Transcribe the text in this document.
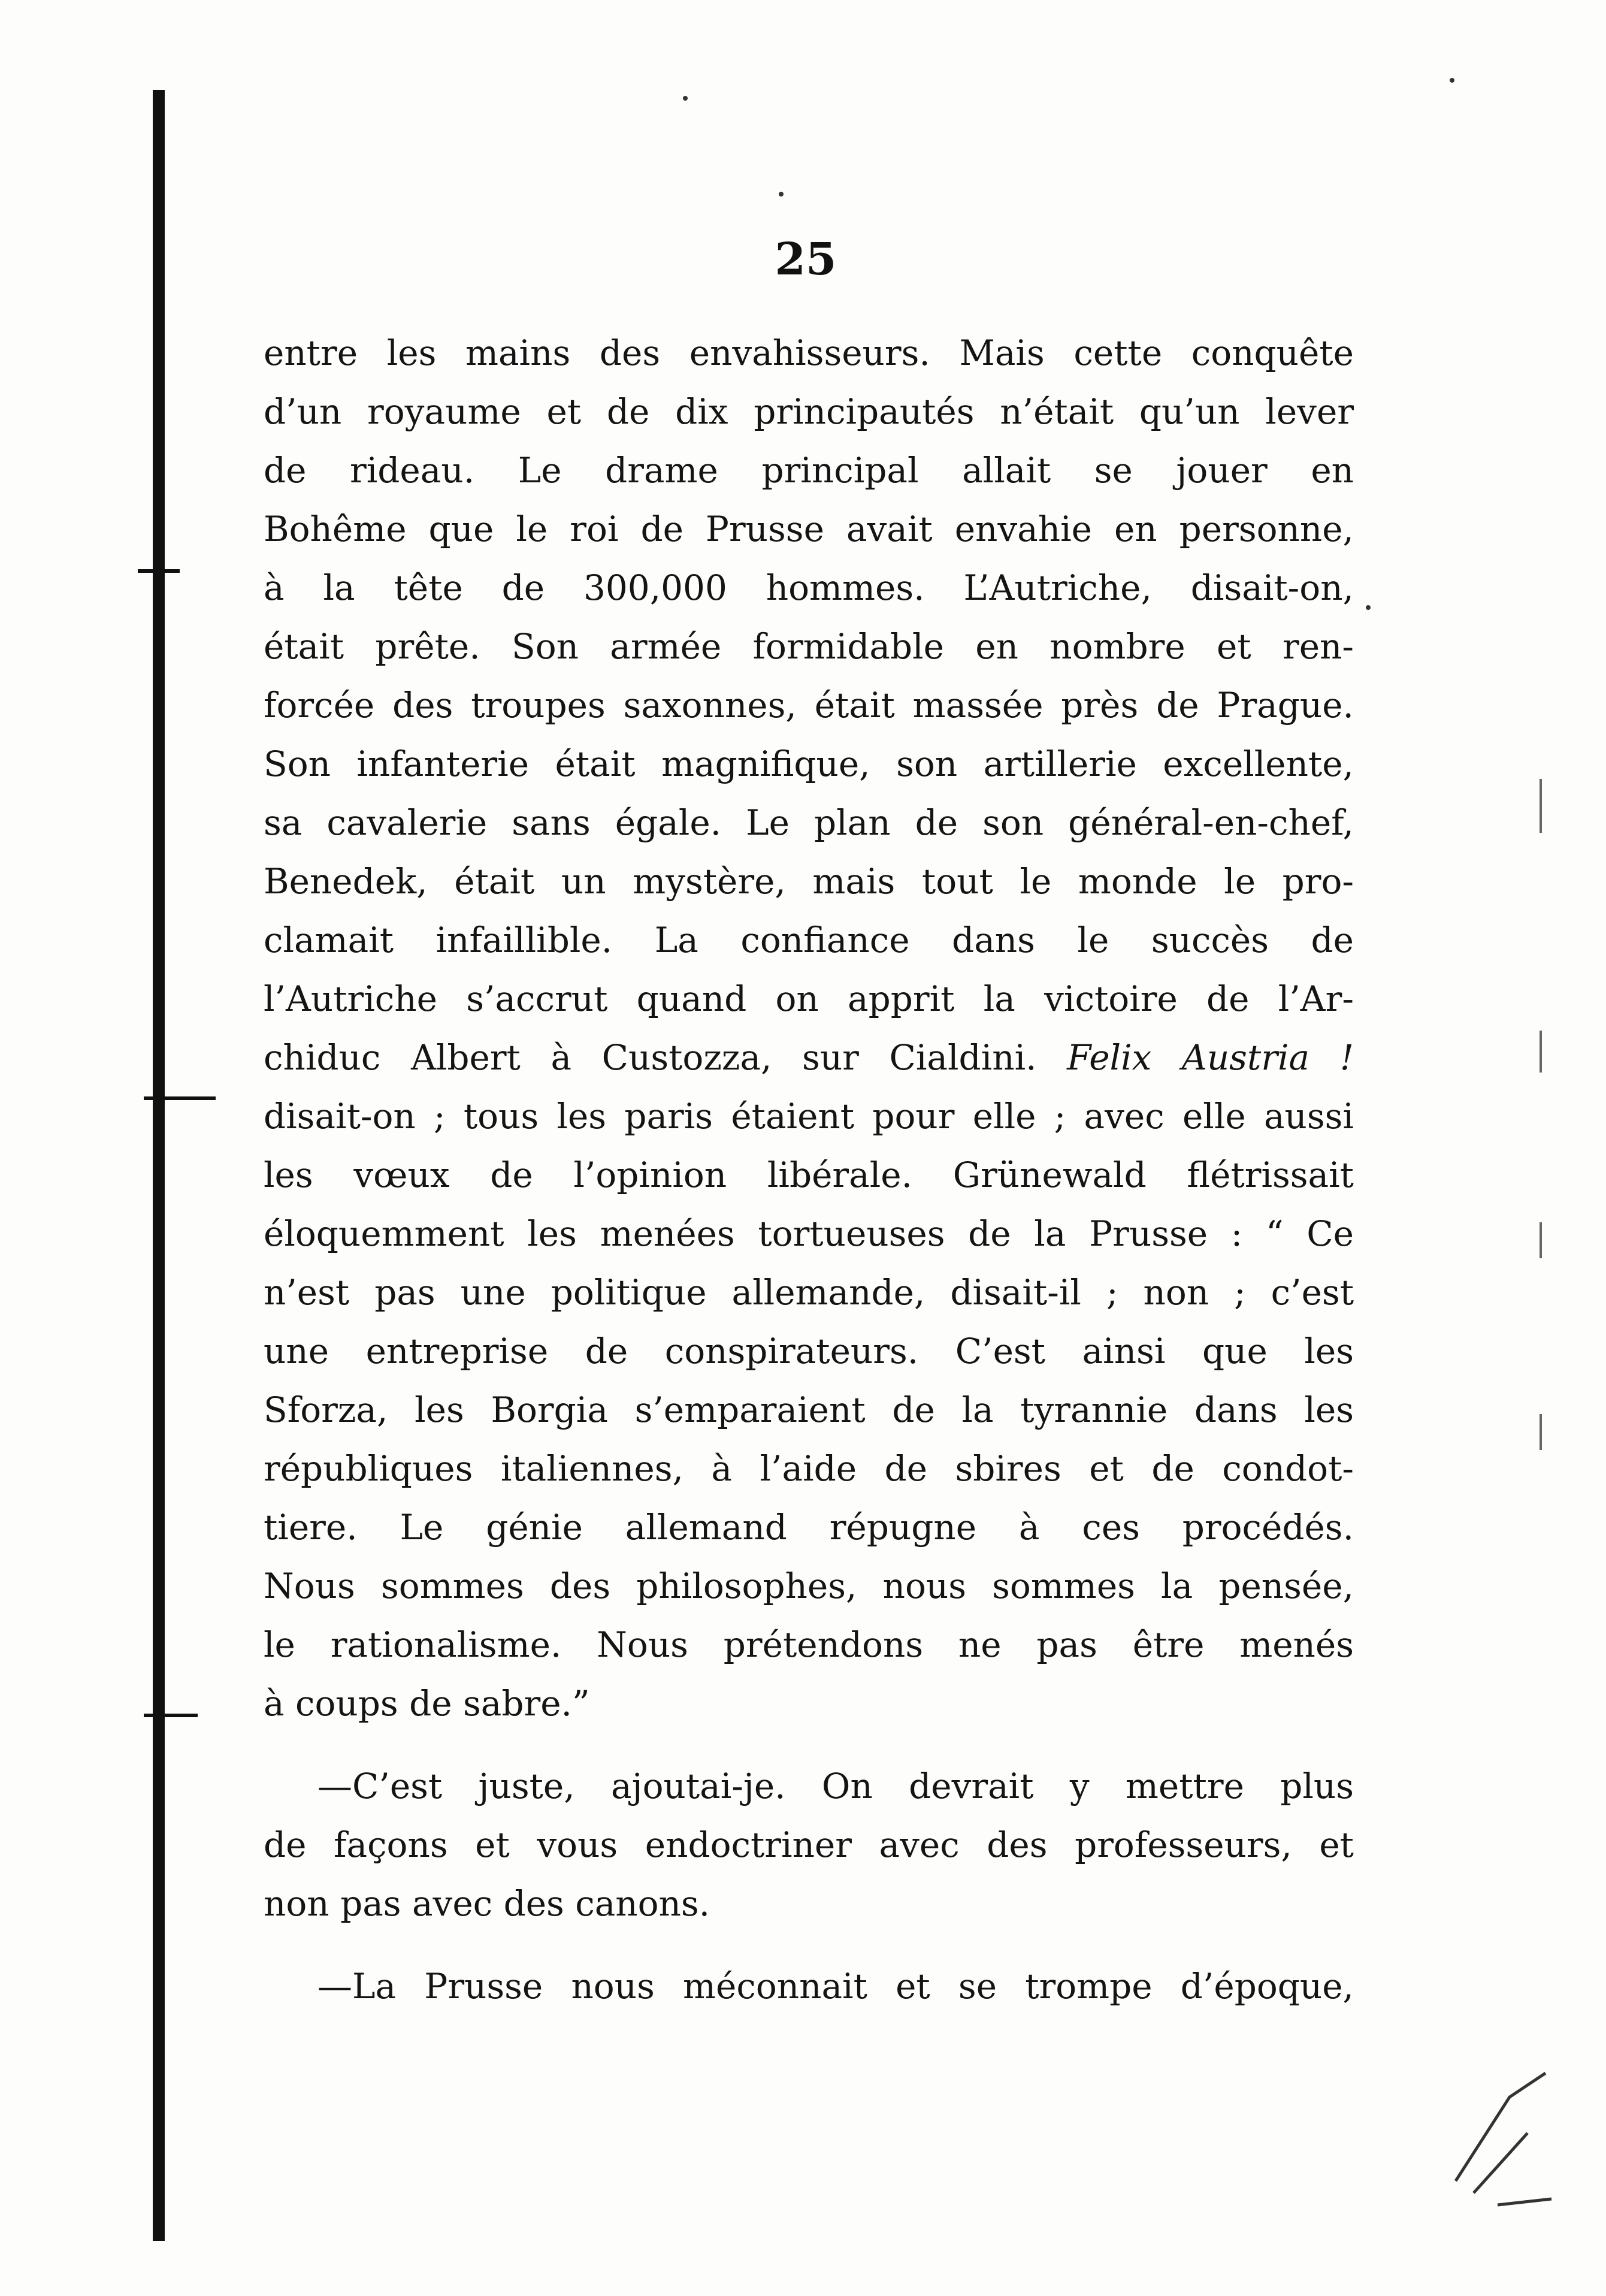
25
entre les mains des envahisseurs. Mais cette conquête
d’un royaume et de dix principautés n’était qu’un lever
de rideau. Le drame principal allait se jouer en
Bohême que le roi de Prusse avait envahie en personne,
à la tête de 300,000 hommes. L’Autriche, disait-on,
était prête. Son armée formidable en nombre et ren-
forcée des troupes saxonnes, était massée près de Prague.
Son infanterie était magnifique, son artillerie excellente,
sa cavalerie sans égale. Le plan de son général-en-chef,
Benedek, était un mystère, mais tout le monde le pro-
clamait infaillible. La confiance dans le succès de
l’Autriche s’accrut quand on apprit la victoire de l’Ar-
chiduc Albert à Custozza, sur Cialdini. Felix Austria !
disait-on ; tous les paris étaient pour elle ; avec elle aussi
les vœux de l’opinion libérale. Grünewald flétrissait
éloquemment les menées tortueuses de la Prusse : “ Ce
n’est pas une politique allemande, disait-il ; non ; c’est
une entreprise de conspirateurs. C’est ainsi que les
Sforza, les Borgia s’emparaient de la tyrannie dans les
républiques italiennes, à l’aide de sbires et de condot-
tiere. Le génie allemand répugne à ces procédés.
Nous sommes des philosophes, nous sommes la pensée,
le rationalisme. Nous prétendons ne pas être menés
à coups de sabre.”
—C’est juste, ajoutai-je. On devrait y mettre plus
de façons et vous endoctriner avec des professeurs, et
non pas avec des canons.
—La Prusse nous méconnait et se trompe d’époque,
